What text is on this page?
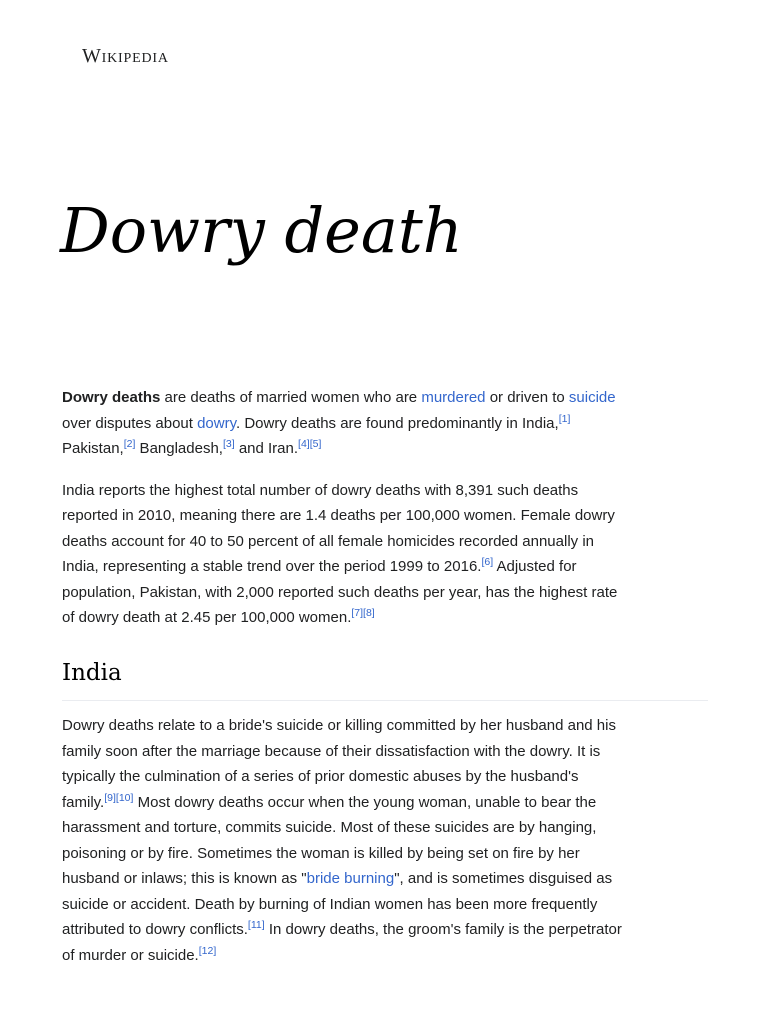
Wikipedia
Dowry death

Dowry deaths are deaths of married women who are murdered or driven to suicide over disputes about dowry. Dowry deaths are found predominantly in India,[1] Pakistan,[2] Bangladesh,[3] and Iran.[4][5]

India reports the highest total number of dowry deaths with 8,391 such deaths reported in 2010, meaning there are 1.4 deaths per 100,000 women. Female dowry deaths account for 40 to 50 percent of all female homicides recorded annually in India, representing a stable trend over the period 1999 to 2016.[6] Adjusted for population, Pakistan, with 2,000 reported such deaths per year, has the highest rate of dowry death at 2.45 per 100,000 women.[7][8]

India

Dowry deaths relate to a bride's suicide or killing committed by her husband and his family soon after the marriage because of their dissatisfaction with the dowry. It is typically the culmination of a series of prior domestic abuses by the husband's family.[9][10] Most dowry deaths occur when the young woman, unable to bear the harassment and torture, commits suicide. Most of these suicides are by hanging, poisoning or by fire. Sometimes the woman is killed by being set on fire by her husband or inlaws; this is known as "bride burning", and is sometimes disguised as suicide or accident. Death by burning of Indian women has been more frequently attributed to dowry conflicts.[11] In dowry deaths, the groom's family is the perpetrator of murder or suicide.[12]
